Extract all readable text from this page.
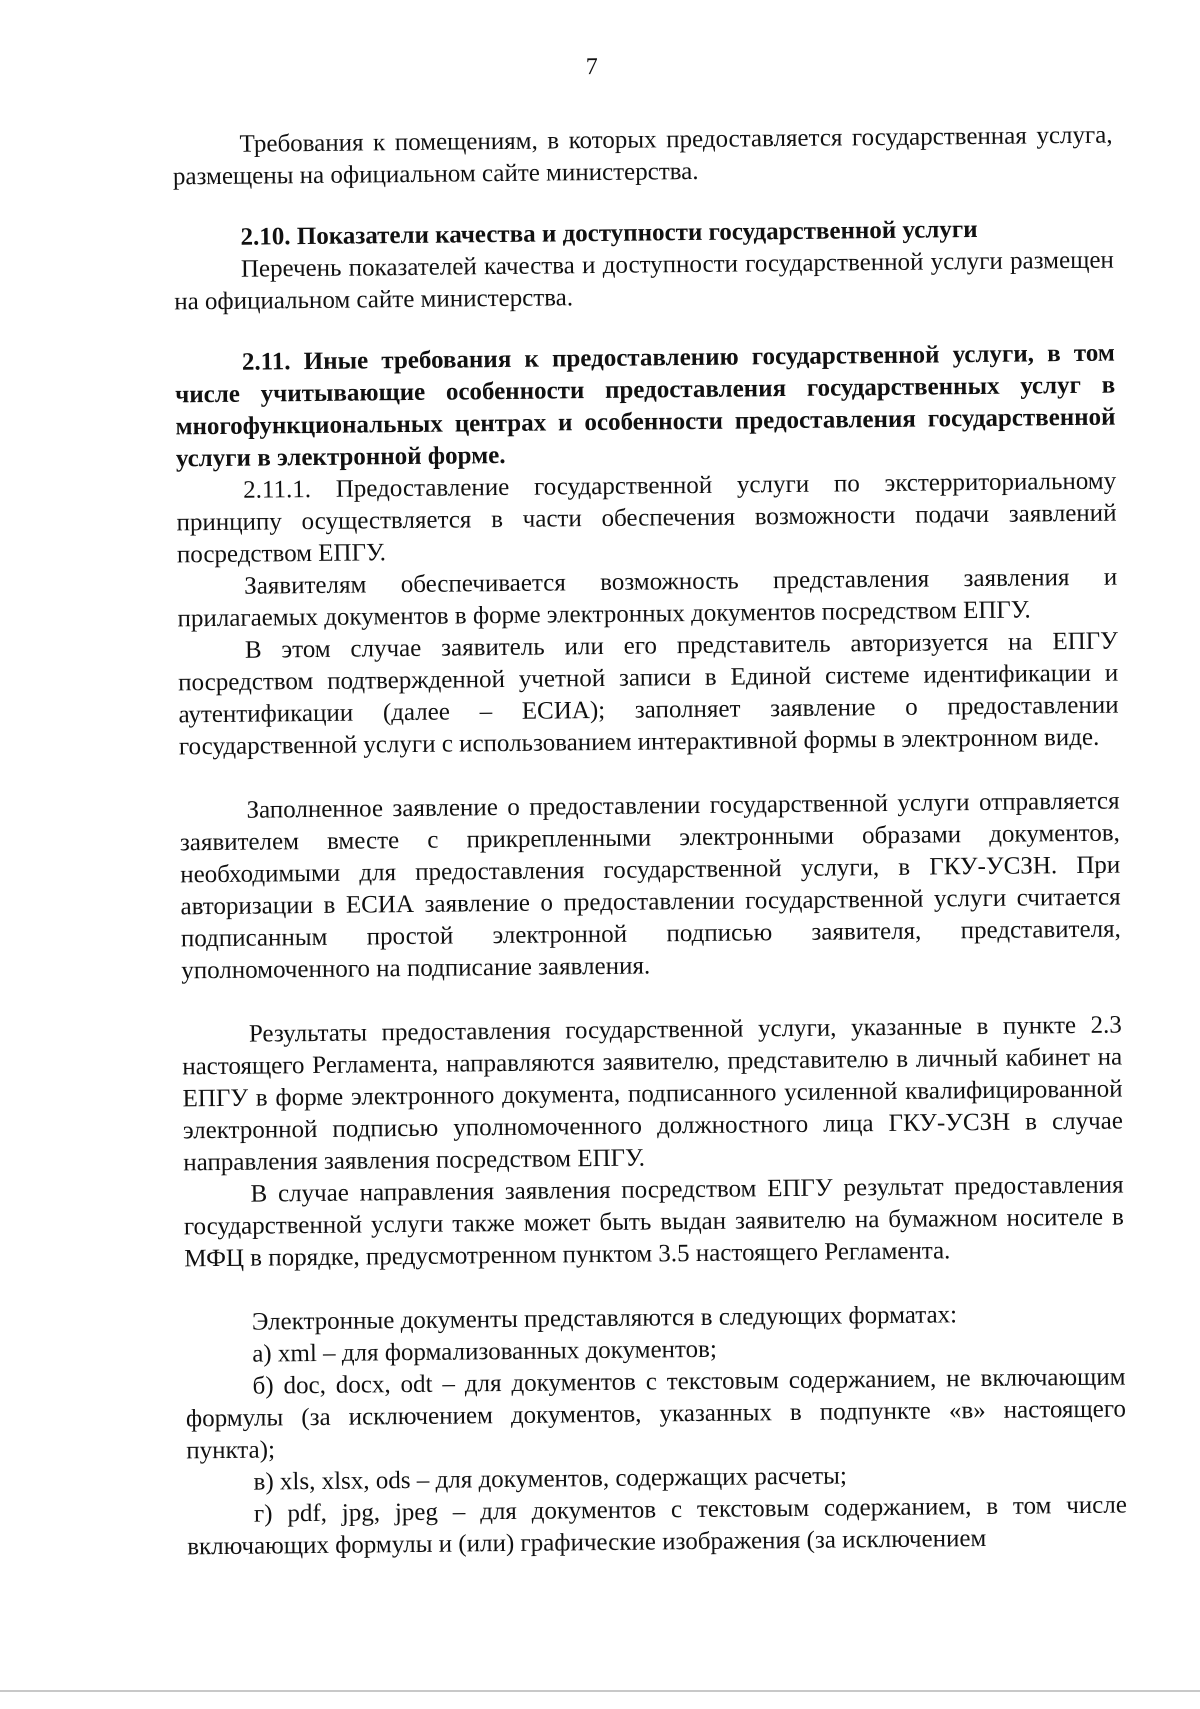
7

Требования к помещениям, в которых предоставляется государственная услуга, размещены на официальном сайте министерства.

2.10. Показатели качества и доступности государственной услуги

Перечень показателей качества и доступности государственной услуги размещен на официальном сайте министерства.

2.11. Иные требования к предоставлению государственной услуги, в том числе учитывающие особенности предоставления государственных услуг в многофункциональных центрах и особенности предоставления государственной услуги в электронной форме.

2.11.1. Предоставление государственной услуги по экстерриториальному принципу осуществляется в части обеспечения возможности подачи заявлений посредством ЕПГУ.

Заявителям обеспечивается возможность представления заявления и прилагаемых документов в форме электронных документов посредством ЕПГУ.

В этом случае заявитель или его представитель авторизуется на ЕПГУ посредством подтвержденной учетной записи в Единой системе идентификации и аутентификации (далее – ЕСИА); заполняет заявление о предоставлении государственной услуги с использованием интерактивной формы в электронном виде.

Заполненное заявление о предоставлении государственной услуги отправляется заявителем вместе с прикрепленными электронными образами документов, необходимыми для предоставления государственной услуги, в ГКУ-УСЗН. При авторизации в ЕСИА заявление о предоставлении государственной услуги считается подписанным простой электронной подписью заявителя, представителя, уполномоченного на подписание заявления.

Результаты предоставления государственной услуги, указанные в пункте 2.3 настоящего Регламента, направляются заявителю, представителю в личный кабинет на ЕПГУ в форме электронного документа, подписанного усиленной квалифицированной электронной подписью уполномоченного должностного лица ГКУ-УСЗН в случае направления заявления посредством ЕПГУ.

В случае направления заявления посредством ЕПГУ результат предоставления государственной услуги также может быть выдан заявителю на бумажном носителе в МФЦ в порядке, предусмотренном пунктом 3.5 настоящего Регламента.

Электронные документы представляются в следующих форматах:

а) xml – для формализованных документов;

б) doc, docx, odt – для документов с текстовым содержанием, не включающим формулы (за исключением документов, указанных в подпункте «в» настоящего пункта);

в) xls, xlsx, ods – для документов, содержащих расчеты;

г) pdf, jpg, jpeg – для документов с текстовым содержанием, в том числе включающих формулы и (или) графические изображения (за исключением
